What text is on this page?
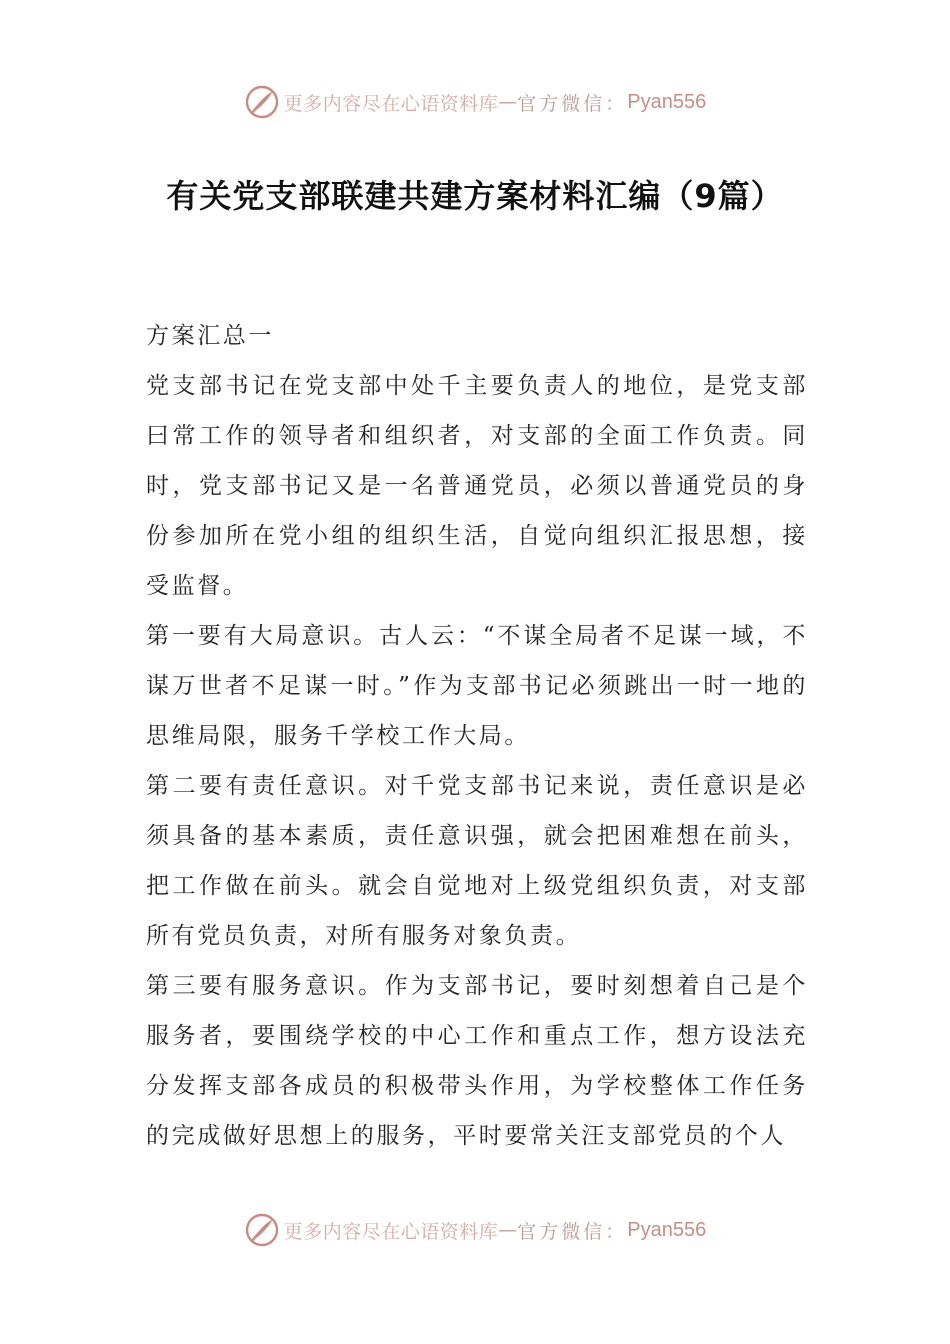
更多内容尽在心语资料库 — 官方微信： Pyan556
有关党支部联建共建方案材料汇编（9篇）

方案汇总一

党支部书记在党支部中处千主要负责人的地位，是党支部曰常工作的领导者和组织者，对支部的全面工作负责。同时，党支部书记又是一名普通党员，必须以普通党员的身份参加所在党小组的组织生活，自觉向组织汇报思想，接受监督。

第一要有大局意识。古人云：“不谋全局者不足谋一域，不谋万世者不足谋一时。”作为支部书记必须跳出一时一地的思维局限，服务千学校工作大局。

第二要有责任意识。对千党支部书记来说，责任意识是必须具备的基本素质，责任意识强，就会把困难想在前头，把工作做在前头。就会自觉地对上级党组织负责，对支部所有党员负责，对所有服务对象负责。

第三要有服务意识。作为支部书记，要时刻想着自己是个服务者，要围绕学校的中心工作和重点工作，想方设法充分发挥支部各成员的积极带头作用，为学校整体工作任务的完成做好思想上的服务，平时要常关汪支部党员的个人

更多内容尽在心语资料库 — 官方微信： Pyan556
